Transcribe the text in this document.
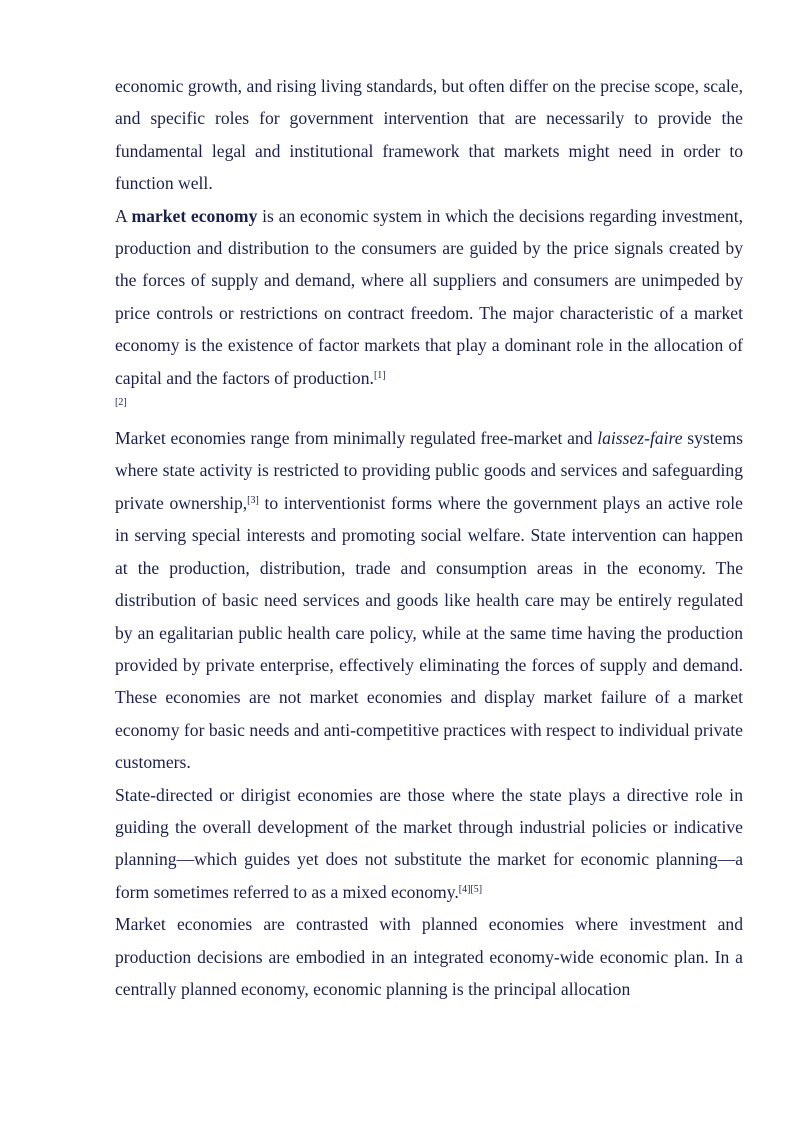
economic growth, and rising living standards, but often differ on the precise scope, scale, and specific roles for government intervention that are necessarily to provide the fundamental legal and institutional framework that markets might need in order to function well.

A market economy is an economic system in which the decisions regarding investment, production and distribution to the consumers are guided by the price signals created by the forces of supply and demand, where all suppliers and consumers are unimpeded by price controls or restrictions on contract freedom. The major characteristic of a market economy is the existence of factor markets that play a dominant role in the allocation of capital and the factors of production.[1]
[2]

Market economies range from minimally regulated free-market and laissez-faire systems where state activity is restricted to providing public goods and services and safeguarding private ownership,[3] to interventionist forms where the government plays an active role in serving special interests and promoting social welfare. State intervention can happen at the production, distribution, trade and consumption areas in the economy. The distribution of basic need services and goods like health care may be entirely regulated by an egalitarian public health care policy, while at the same time having the production provided by private enterprise, effectively eliminating the forces of supply and demand. These economies are not market economies and display market failure of a market economy for basic needs and anti-competitive practices with respect to individual private customers.

State-directed or dirigist economies are those where the state plays a directive role in guiding the overall development of the market through industrial policies or indicative planning—which guides yet does not substitute the market for economic planning—a form sometimes referred to as a mixed economy.[4][5]

Market economies are contrasted with planned economies where investment and production decisions are embodied in an integrated economy-wide economic plan. In a centrally planned economy, economic planning is the principal allocation
